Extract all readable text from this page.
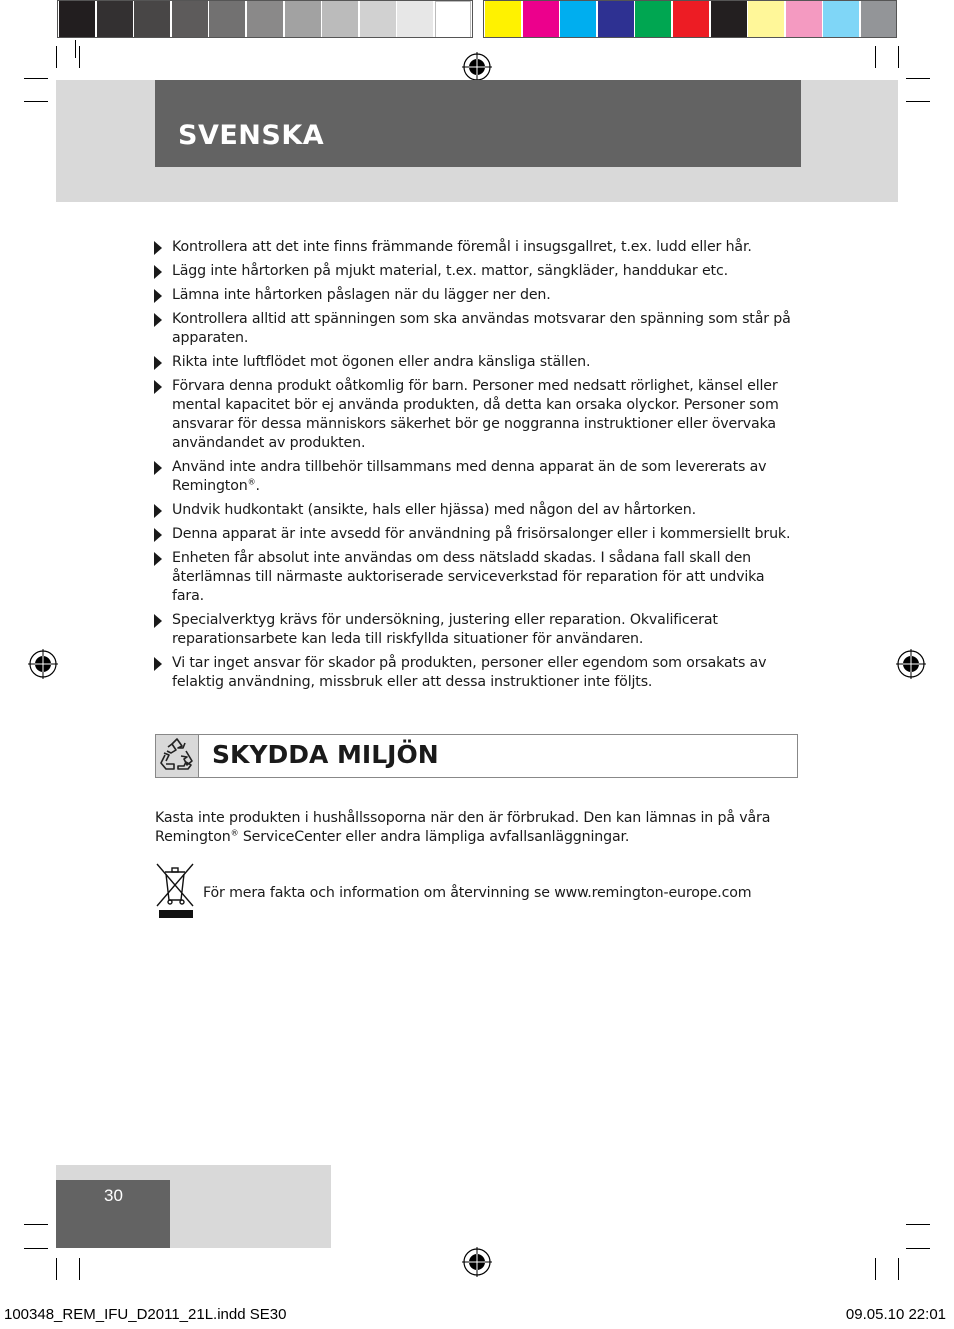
SVENSKA
Kontrollera att det inte finns främmande föremål i insugsgallret, t.ex. ludd eller hår.
Lägg inte hårtorken på mjukt material, t.ex. mattor, sängkläder, handdukar etc.
Lämna inte hårtorken påslagen när du lägger ner den.
Kontrollera alltid att spänningen som ska användas motsvarar den spänning som står på apparaten.
Rikta inte luftflödet mot ögonen eller andra känsliga ställen.
Förvara denna produkt oåtkomlig för barn. Personer med nedsatt rörlighet, känsel eller mental kapacitet bör ej använda produkten, då detta kan orsaka olyckor. Personer som ansvarar för dessa människors säkerhet bör ge noggranna instruktioner eller övervaka användandet av produkten.
Använd inte andra tillbehör tillsammans med denna apparat än de som levererats av Remington®.
Undvik hudkontakt (ansikte, hals eller hjässa) med någon del av hårtorken.
Denna apparat är inte avsedd för användning på frisörsalonger eller i kommersiellt bruk.
Enheten får absolut inte användas om dess nätsladd skadas. I sådana fall skall den återlämnas till närmaste auktoriserade serviceverkstad för reparation för att undvika fara.
Specialverktyg krävs för undersökning, justering eller reparation. Okvalificerat reparationsarbete kan leda till riskfyllda situationer för användaren.
Vi tar inget ansvar för skador på produkten, personer eller egendom som orsakats av felaktig användning, missbruk eller att dessa instruktioner inte följts.
SKYDDA MILJÖN

Kasta inte produkten i hushållssoporna när den är förbrukad. Den kan lämnas in på våra Remington® ServiceCenter eller andra lämpliga avfallsanläggningar.

För mera fakta och information om återvinning se www.remington-europe.com

30

100348_REM_IFU_D2011_21L.indd SE30	09.05.10 22:01
